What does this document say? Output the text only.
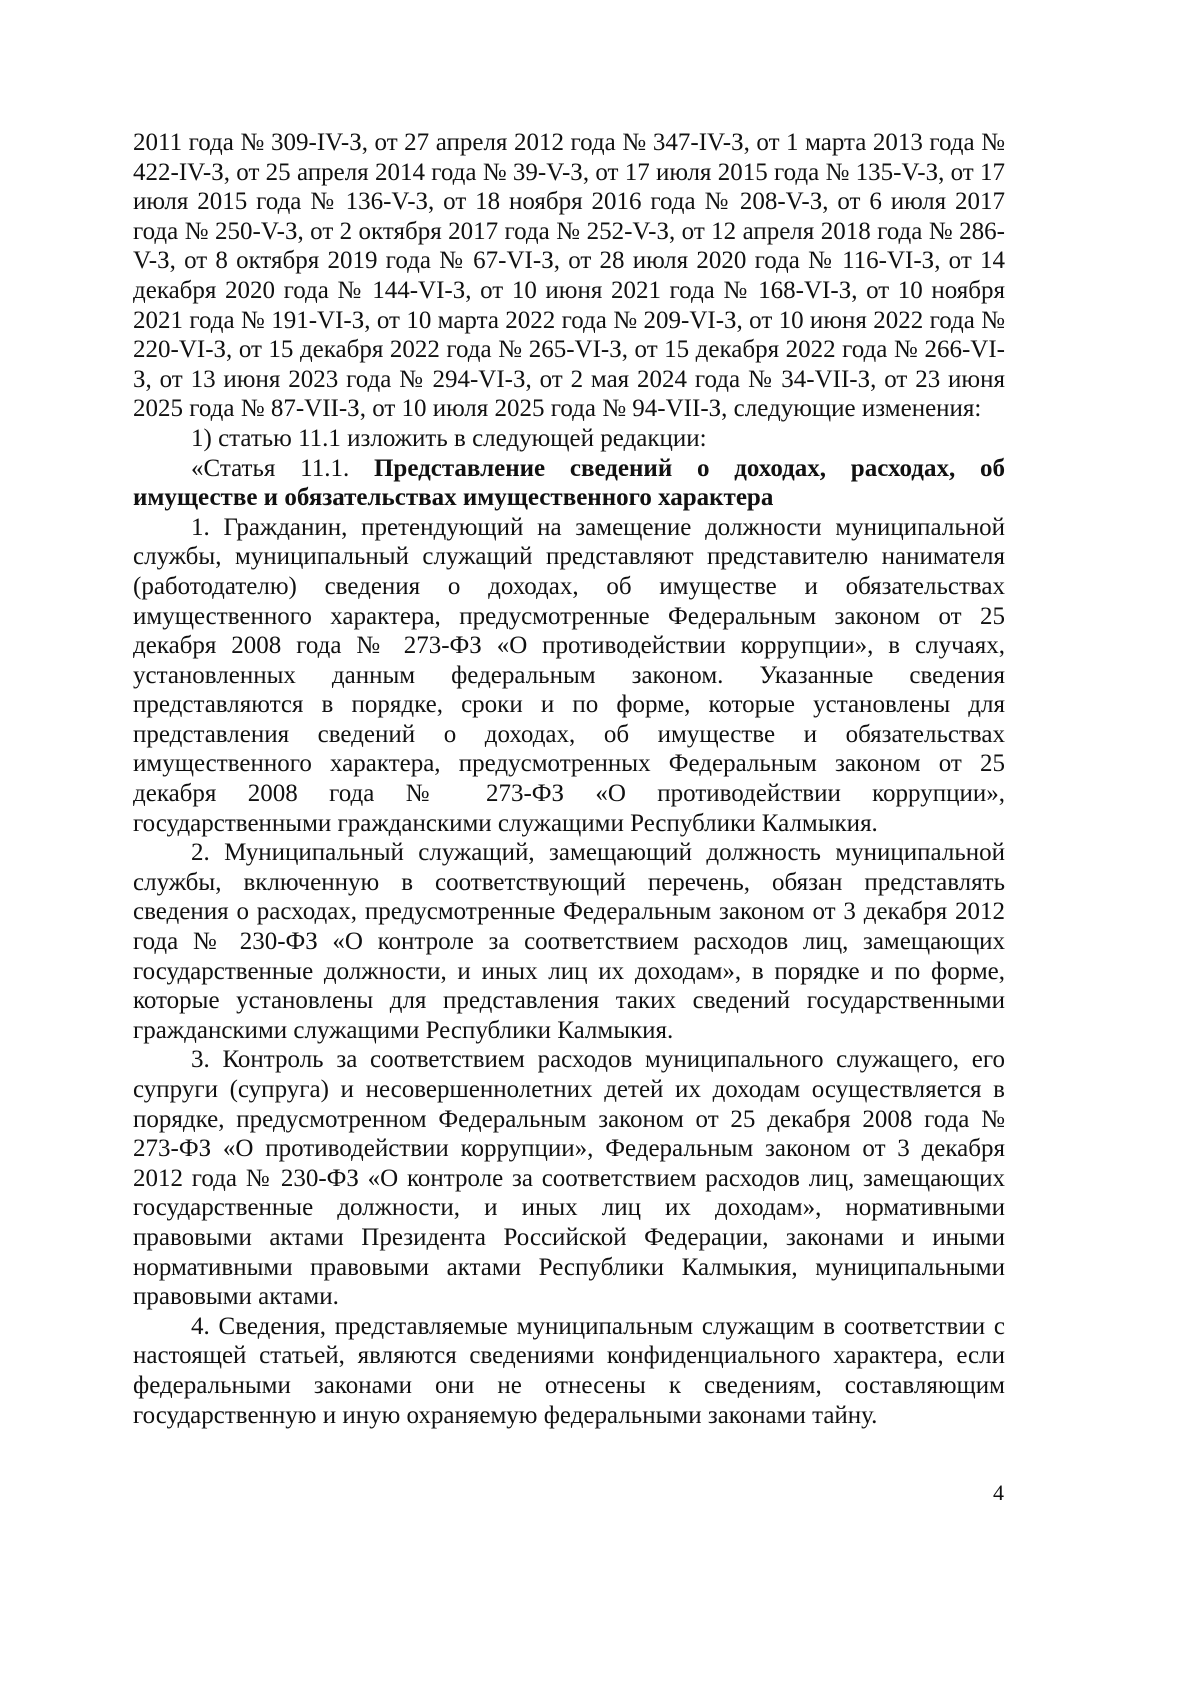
2011 года № 309-IV-З, от 27 апреля 2012 года № 347-IV-З, от 1 марта 2013 года № 422-IV-З, от 25 апреля 2014 года № 39-V-З, от 17 июля 2015 года № 135-V-З, от 17 июля 2015 года № 136-V-З, от 18 ноября 2016 года № 208-V-З, от 6 июля 2017 года № 250-V-З, от 2 октября 2017 года № 252-V-З, от 12 апреля 2018 года № 286-V-З, от 8 октября 2019 года № 67-VI-З, от 28 июля 2020 года № 116-VI-З, от 14 декабря 2020 года № 144-VI-З, от 10 июня 2021 года № 168-VI-З, от 10 ноября 2021 года № 191-VI-З, от 10 марта 2022 года № 209-VI-З, от 10 июня 2022 года № 220-VI-З, от 15 декабря 2022 года № 265-VI-З, от 15 декабря 2022 года № 266-VI-З, от 13 июня 2023 года № 294-VI-З, от 2 мая 2024 года № 34-VII-З, от 23 июня 2025 года № 87-VII-З, от 10 июля 2025 года № 94-VII-З, следующие изменения:

1) статью 11.1 изложить в следующей редакции:

«Статья 11.1. Представление сведений о доходах, расходах, об имуществе и обязательствах имущественного характера

1. Гражданин, претендующий на замещение должности муниципальной службы, муниципальный служащий представляют представителю нанимателя (работодателю) сведения о доходах, об имуществе и обязательствах имущественного характера, предусмотренные Федеральным законом от 25 декабря 2008 года № 273-ФЗ «О противодействии коррупции», в случаях, установленных данным федеральным законом. Указанные сведения представляются в порядке, сроки и по форме, которые установлены для представления сведений о доходах, об имуществе и обязательствах имущественного характера, предусмотренных Федеральным законом от 25 декабря 2008 года № 273-ФЗ «О противодействии коррупции», государственными гражданскими служащими Республики Калмыкия.

2. Муниципальный служащий, замещающий должность муниципальной службы, включенную в соответствующий перечень, обязан представлять сведения о расходах, предусмотренные Федеральным законом от 3 декабря 2012 года № 230-ФЗ «О контроле за соответствием расходов лиц, замещающих государственные должности, и иных лиц их доходам», в порядке и по форме, которые установлены для представления таких сведений государственными гражданскими служащими Республики Калмыкия.

3. Контроль за соответствием расходов муниципального служащего, его супруги (супруга) и несовершеннолетних детей их доходам осуществляется в порядке, предусмотренном Федеральным законом от 25 декабря 2008 года № 273-ФЗ «О противодействии коррупции», Федеральным законом от 3 декабря 2012 года № 230-ФЗ «О контроле за соответствием расходов лиц, замещающих государственные должности, и иных лиц их доходам», нормативными правовыми актами Президента Российской Федерации, законами и иными нормативными правовыми актами Республики Калмыкия, муниципальными правовыми актами.

4. Сведения, представляемые муниципальным служащим в соответствии с настоящей статьей, являются сведениями конфиденциального характера, если федеральными законами они не отнесены к сведениям, составляющим государственную и иную охраняемую федеральными законами тайну.

4
